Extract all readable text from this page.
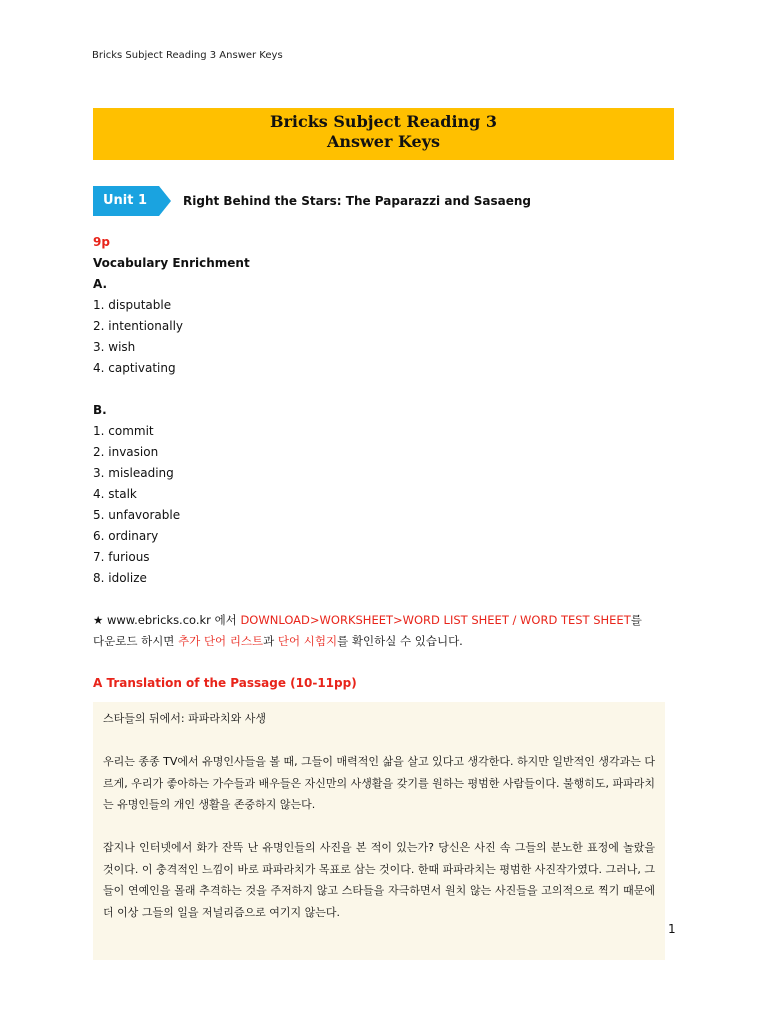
Bricks Subject Reading 3 Answer Keys
Bricks Subject Reading 3
Answer Keys
Unit 1	Right Behind the Stars: The Paparazzi and Sasaeng
9p
Vocabulary Enrichment
A.
1. disputable
2. intentionally
3. wish
4. captivating
B.
1. commit
2. invasion
3. misleading
4. stalk
5. unfavorable
6. ordinary
7. furious
8. idolize
★ www.ebricks.co.kr 에서 DOWNLOAD>WORKSHEET>WORD LIST SHEET / WORD TEST SHEET를
다운로드 하시면 추가 단어 리스트과 단어 시험지를 확인하실 수 있습니다.
A Translation of the Passage (10-11pp)

스타들의 뒤에서: 파파라치와 사생

우리는 종종 TV에서 유명인사들을 볼 때, 그들이 매력적인 삶을 살고 있다고 생각한다. 하지만 일반적인 생각과는 다르게, 우리가 좋아하는 가수들과 배우들은 자신만의 사생활을 갖기를 원하는 평범한 사람들이다. 불행히도, 파파라치는 유명인들의 개인 생활을 존중하지 않는다.

잡지나 인터넷에서 화가 잔뜩 난 유명인들의 사진을 본 적이 있는가? 당신은 사진 속 그들의 분노한 표정에 놀랐을 것이다. 이 충격적인 느낌이 바로 파파라치가 목표로 삼는 것이다. 한때 파파라치는 평범한 사진작가였다. 그러나, 그들이 연예인을 몰래 추격하는 것을 주저하지 않고 스타들을 자극하면서 원치 않는 사진들을 고의적으로 찍기 때문에 더 이상 그들의 일을 저널리즘으로 여기지 않는다.

1
